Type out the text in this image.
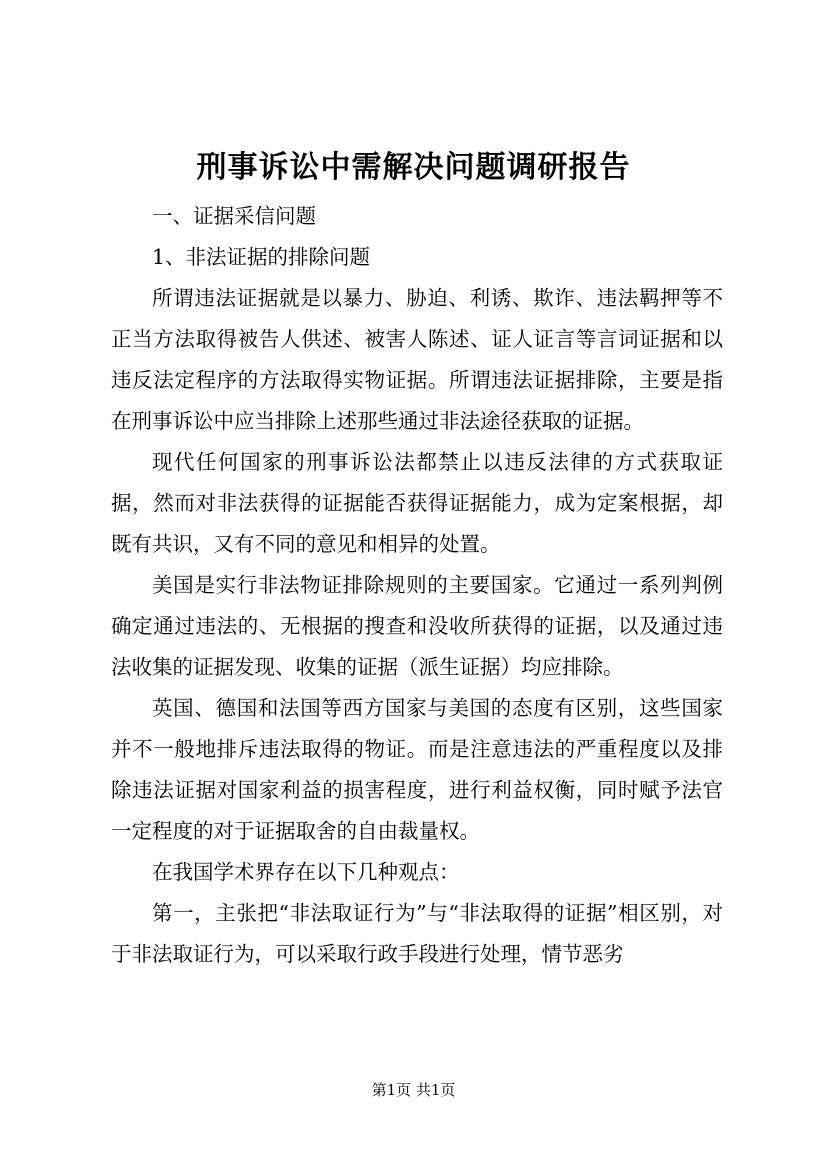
刑事诉讼中需解决问题调研报告

一、证据采信问题

1、非法证据的排除问题

所谓违法证据就是以暴力、胁迫、利诱、欺诈、违法羁押等不正当方法取得被告人供述、被害人陈述、证人证言等言词证据和以违反法定程序的方法取得实物证据。所谓违法证据排除，主要是指在刑事诉讼中应当排除上述那些通过非法途径获取的证据。

现代任何国家的刑事诉讼法都禁止以违反法律的方式获取证据，然而对非法获得的证据能否获得证据能力，成为定案根据，却既有共识，又有不同的意见和相异的处置。

美国是实行非法物证排除规则的主要国家。它通过一系列判例确定通过违法的、无根据的搜查和没收所获得的证据，以及通过违法收集的证据发现、收集的证据（派生证据）均应排除。

英国、德国和法国等西方国家与美国的态度有区别，这些国家并不一般地排斥违法取得的物证。而是注意违法的严重程度以及排除违法证据对国家利益的损害程度，进行利益权衡，同时赋予法官一定程度的对于证据取舍的自由裁量权。

在我国学术界存在以下几种观点：

第一，主张把“非法取证行为”与“非法取得的证据”相区别，对于非法取证行为，可以采取行政手段进行处理，情节恶劣

第1页 共1页
